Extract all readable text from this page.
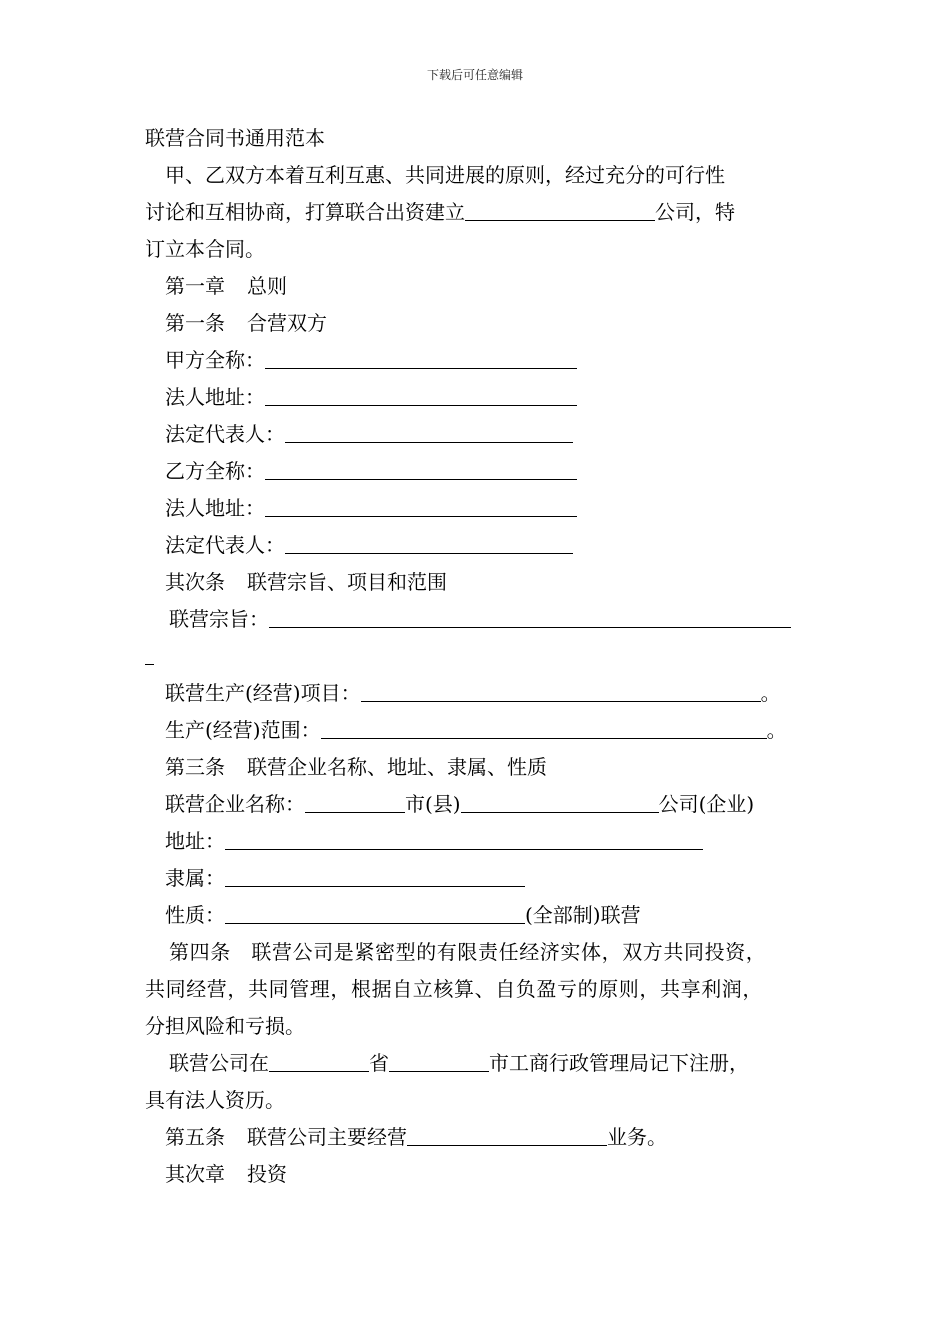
下载后可任意编辑
联营合同书通用范本
甲、乙双方本着互利互惠、共同进展的原则，经过充分的可行性
讨论和互相协商，打算联合出资建立	公司，特
订立本合同。
第一章 总则
第一条 合营双方
甲方全称：
法人地址：
法定代表人：
乙方全称：
法人地址：
法定代表人：
其次条 联营宗旨、项目和范围
联营宗旨：
联营生产(经营)项目：	。
生产(经营)范围：	。
第三条 联营企业名称、地址、隶属、性质
联营企业名称：	市(县)	公司(企业)
地址：
隶属：
性质：	(全部制)联营
第四条　联营公司是紧密型的有限责任经济实体，双方共同投资，
共同经营，共同管理，根据自立核算、自负盈亏的原则，共享利润，
分担风险和亏损。
联营公司在	省	市工商行政管理局记下注册，
具有法人资历。
第五条 联营公司主要经营	业务。
其次章 投资
